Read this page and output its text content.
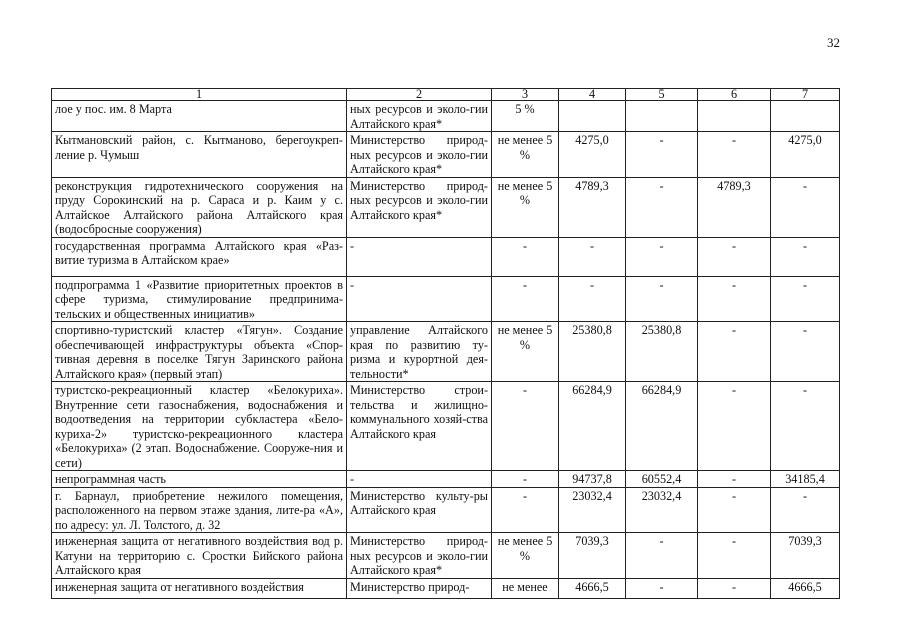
32
1	2	3	4	5	6	7
лое у пос. им. 8 Марта	ных ресурсов и эколо-гии Алтайского края*	5 %				
Кытмановский район, с. Кытманово, берегоукреп-ление р. Чумыш	Министерство природ-ных ресурсов и эколо-гии Алтайского края*	не менее 5 %	4275,0	-	-	4275,0
реконструкция гидротехнического сооружения на пруду Сорокинский на р. Сараса и р. Каим у с. Алтайское Алтайского района Алтайского края (водосбросные сооружения)	Министерство природ-ных ресурсов и эколо-гии Алтайского края*	не менее 5 %	4789,3	-	4789,3	-
государственная программа Алтайского края «Раз-витие туризма в Алтайском крае»	-	-	-	-	-	-
подпрограмма 1 «Развитие приоритетных проектов в сфере туризма, стимулирование предпринима-тельских и общественных инициатив»	-	-	-	-	-	-
спортивно-туристский кластер «Тягун». Создание обеспечивающей инфраструктуры объекта «Спор-тивная деревня в поселке Тягун Заринского района Алтайского края» (первый этап)	управление Алтайского края по развитию ту-ризма и курортной дея-тельности*	не менее 5 %	25380,8	25380,8	-	-
туристско-рекреационный кластер «Белокуриха». Внутренние сети газоснабжения, водоснабжения и водоотведения на территории субкластера «Бело-куриха-2» туристско-рекреационного кластера «Белокуриха» (2 этап. Водоснабжение. Сооруже-ния и сети)	Министерство строи-тельства и жилищно-коммунального хозяй-ства Алтайского края	-	66284,9	66284,9	-	-
непрограммная часть	-	-	94737,8	60552,4	-	34185,4
г. Барнаул, приобретение нежилого помещения, расположенного на первом этаже здания, лите-ра «А», по адресу: ул. Л. Толстого, д. 32	Министерство культу-ры Алтайского края	-	23032,4	23032,4	-	-
инженерная защита от негативного воздействия вод р. Катуни на территорию с. Сростки Бийского района Алтайского края	Министерство природ-ных ресурсов и эколо-гии Алтайского края*	не менее 5 %	7039,3	-	-	7039,3
инженерная защита от негативного воздействия	Министерство природ-	не менее	4666,5	-	-	4666,5
